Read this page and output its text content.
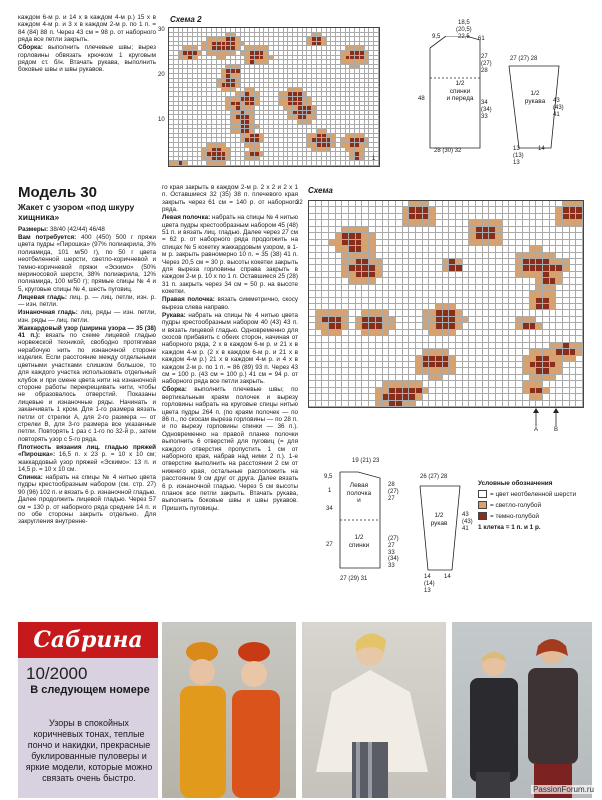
каждом 6-м р. и 14 x в каждом 4-м р.) 15 x в каждом 4-м р. и 3 x в каждом 2-м р. по 1 п. = 84 (84) 88 п. Через 43 см = 98 р. от наборного ряда все петли закрыть.

Сборка: выполнить плечевые швы; вырез горловины обвязать крючком 1 круговым рядом ст. б/н. Втачать рукава, выполнить боковые швы и швы рукавов.

Схема 2
30
20
10
1
18,5
(20,5)
22,5
9,5	61
27
(27)
28
48
34
(34)
33
28 (30) 32
1/2
спинки
и переда
27 (27) 28
43
(43)
41
13
(13)
13
14
1/2
рукава
Модель 30
Жакет с узором «под шкуру хищника»

Размеры: 38/40 (42/44) 46/48

Вам потребуется: 400 (450) 500 г пряжи цвета пудры «Пирошка» (97% полиакрила, 3% полиамида, 101 м/50 г), по 50 г цвета неотбеленной шерсти, светло-коричневой и темно-коричневой пряжи «Эскимо» (50% мериносовой шерсти, 38% полиакрила, 12% полиамида, 100 м/50 г); прямые спицы № 4 и 5, круговые спицы № 4, шесть пуговиц.

Лицевая гладь: лиц. р. — лиц. петли, изн. р. — изн. петли.

Изнаночная гладь: лиц. ряды — изн. петли, изн. ряды — лиц. петли.

Жаккардовый узор (ширина узора — 35 (38) 41 п.): вязать по схеме лицевой гладью норвежской техникой, свободно протягивая нерабочую нить по изнаночной стороне изделия. Если расстояние между отдельными цветными участками слишком большое, то для каждого участка использовать отдельный клубок и при смене цвета нити на изнаночной стороне работы перекрещивать нити, чтобы не образовалось отверстий. Показаны лицевые и изнаночные ряды. Начинать и заканчивать 1 кром. Для 1-го размера вязать петли от стрелки А, для 2-го размера — от стрелки В, для 3-го размера все указанные петли. Повторять 1 раз с 1-го по 32-й р., затем повторять узор с 5-го ряда.

Плотность вязания лиц. гладью пряжей «Пирошка»: 16,5 п. x 23 р. = 10 x 10 см; жаккардовый узор пряжей «Эскимо»: 13 п. и 14,5 р. = 10 x 10 см.

Спинка: набрать на спицы № 4 нитью цвета пудры крестообразным набором (см. стр. 27) 90 (96) 102 п. и вязать 6 р. изнаночной гладью. Далее продолжить лицевой гладью. Через 57 см = 130 р. от наборного ряда средние 14 п. и по обе стороны закрыть отдельно. Для закругления внутренне-

го края закрыть в каждом 2-м р. 2 x 2 и 2 x 1 п. Оставшиеся 32 (35) 38 п. плечевого края закрыть через 61 см = 140 р. от наборного ряда.

Левая полочка: набрать на спицы № 4 нитью цвета пудры крестообразным набором 45 (48) 51 п. и вязать лиц. гладью. Далее через 27 см = 62 р. от наборного ряда продолжить на спицах № 5 кокетку жаккардовым узором, в 1-м р. закрыть равномерно 10 п. = 35 (38) 41 п. Через 20,5 см = 30 р. высоты кокетки закрыть для выреза горловины справа закрыть в каждом 2-м р. 10 x по 1 п. Оставшиеся 25 (28) 31 п. закрыть через 34 см = 50 р. на высоте кокетки.

Правая полочка: вязать симметрично, скосу выреза слева направо.

Рукава: набрать на спицы № 4 нитью цвета пудры крестообразным набором 40 (43) 43 п. и вязать лицевой гладью. Одновременно для скосов прибавить с обеих сторон, начиная от наборного ряда, 2 x в каждом 6-м р. и 21 x в каждом 4-м р. (2 x в каждом 6-м р. и 21 x в каждом 4-м р.) 21 x в каждом 4-м р. и 4 x в каждом 2-м р. по 1 п. = 86 (89) 93 п. Через 43 см = 100 р. (43 см = 100 р.) 41 см = 94 р. от наборного ряда все петли закрыть.

Сборка: выполнить плечевые швы; по вертикальным краям полочек и вырезу горловины набрать на круговые спицы нитью цвета пудры 264 п. (по краям полочек — по 86 п., по скосам выреза горловины — по 28 п. и по вырезу горловины спинки — 36 п.). Одновременно на правой планке полочки выполнить 6 отверстий для пуговиц (= для каждого отверстия пропустить 1 см от наборного края, набрав над ними 2 п.). 1-е отверстие выполнить на расстоянии 2 см от нижнего края, остальные расположить на расстоянии 9 см друг от друга. Далее вязать 6 р. изнаночной гладью. Через 5 см высоты планок все петли закрыть. Втачать рукава, выполнить боковые швы и швы рукавов. Пришить пуговицы.

Схема
32
A	B
19 (21) 23
9,5
1
34
28
(27)
27
27
(27)
27
33
(34)
33
27 (29) 31
Левая
полочка
и
1/2
спинки
26 (27) 28
43
(43)
41
14
(14)
13
14
1/2
рукав
Условные обозначения
= цвет неотбеленной шерсти
= светло-голубой
= темно-голубой
1 клетка = 1 п. и 1 р.
Сабрина
10/2000
В следующем номере
Узоры в спокойных коричневых тонах, теплые пончо и накидки, прекрасные буклированные пуловеры и яркие модели, которые можно связать очень быстро.
PassionForum.ru
